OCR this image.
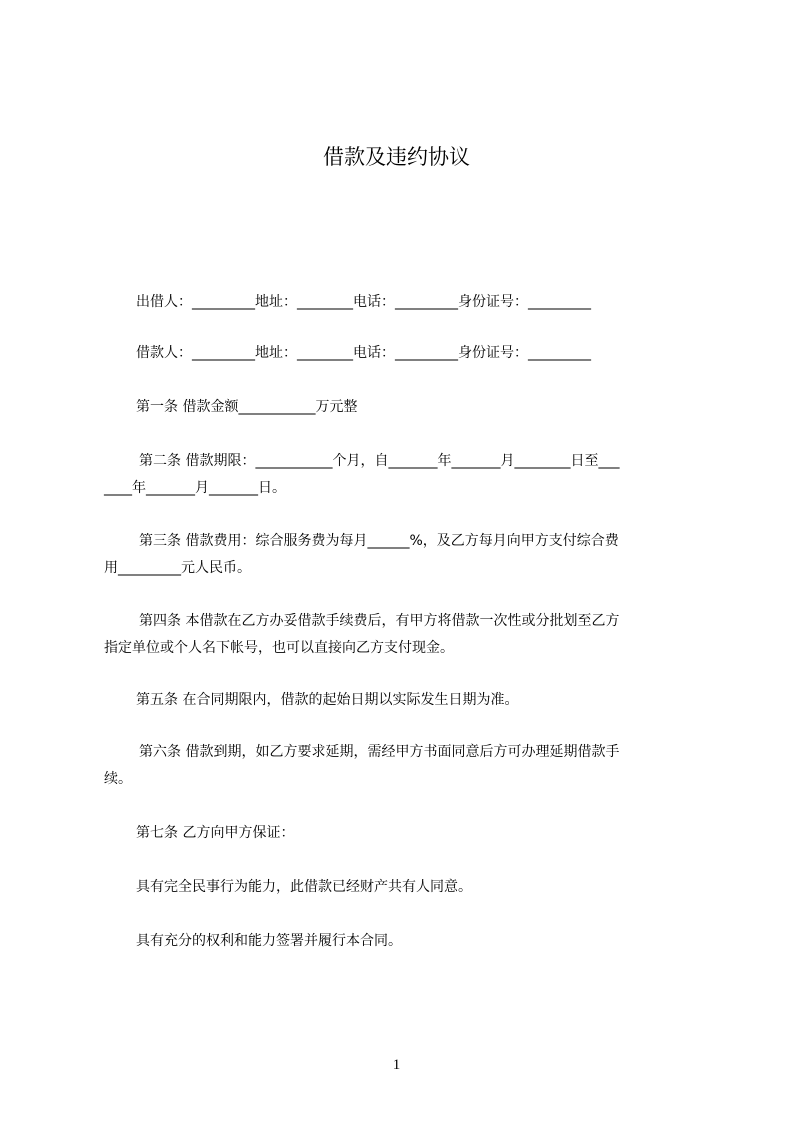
借款及违约协议

出借人：_________地址：________电话：_________身份证号：_________

借款人：_________地址：________电话：_________身份证号：_________

第一条 借款金额___________万元整

第二条 借款期限：___________个月，自_______年_______月________日至___

____年_______月_______日。

第三条 借款费用：综合服务费为每月______%，及乙方每月向甲方支付综合费

用_________元人民币。

第四条 本借款在乙方办妥借款手续费后，有甲方将借款一次性或分批划至乙方

指定单位或个人名下帐号，也可以直接向乙方支付现金。

第五条 在合同期限内，借款的起始日期以实际发生日期为准。

第六条 借款到期，如乙方要求延期，需经甲方书面同意后方可办理延期借款手

续。

第七条 乙方向甲方保证：

具有完全民事行为能力，此借款已经财产共有人同意。

具有充分的权利和能力签署并履行本合同。

1
